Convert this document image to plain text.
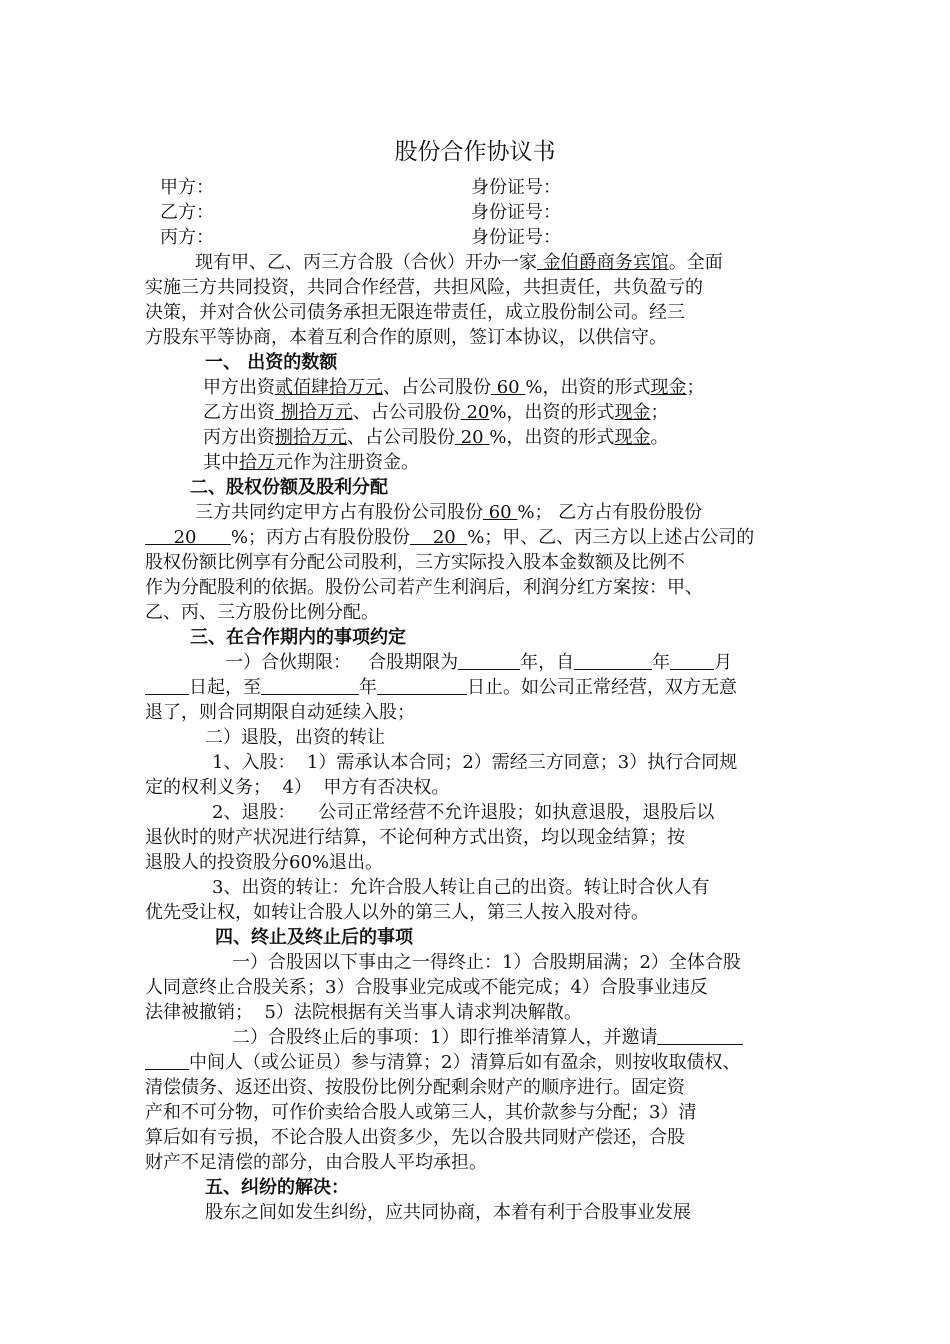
股份合作协议书
甲方：	身份证号：
乙方：	身份证号：
丙方：	身份证号：
现有甲、乙、丙三方合股（合伙）开办一家 金伯爵商务宾馆。全面
实施三方共同投资，共同合作经营，共担风险，共担责任，共负盈亏的
决策，并对合伙公司债务承担无限连带责任，成立股份制公司。经三
方股东平等协商，本着互利合作的原则，签订本协议，以供信守。
一、 出资的数额
甲方出资贰佰肆拾万元、占公司股份 60 %，出资的形式现金；
乙方出资 捌拾万元、占公司股份 20%，出资的形式现金；
丙方出资捌拾万元、占公司股份 20 %，出资的形式现金。
其中拾万元作为注册资金。
二、股权份额及股利分配
三方共同约定甲方占有股份公司股份 60 %； 乙方占有股份股份
20      %；丙方占有股份股份    20  %；甲、乙、丙三方以上述占公司的
股权份额比例享有分配公司股利，三方实际投入股本金数额及比例不
作为分配股利的依据。股份公司若产生利润后，利润分红方案按：甲、
乙、丙、三方股份比例分配。
三、在合作期内的事项约定
一）合伙期限：   合股期限为	年，自	年 月
日起，至	年	日止。如公司正常经营，双方无意
退了，则合同期限自动延续入股；
二）退股，出资的转让
1、入股：  1）需承认本合同；2）需经三方同意；3）执行合同规
定的权利义务；  4）  甲方有否决权。
2、退股：    公司正常经营不允许退股；如执意退股，退股后以
退伙时的财产状况进行结算，不论何种方式出资，均以现金结算；按
退股人的投资股分60%退出。
3、出资的转让：允许合股人转让自己的出资。转让时合伙人有
优先受让权，如转让合股人以外的第三人，第三人按入股对待。
四、终止及终止后的事项
一）合股因以下事由之一得终止：1）合股期届满；2）全体合股
人同意终止合股关系；3）合股事业完成或不能完成；4）合股事业违反
法律被撤销；  5）法院根据有关当事人请求判决解散。
二）合股终止后的事项：1）即行推举清算人，并邀请
中间人（或公证员）参与清算；2）清算后如有盈余，则按收取债权、
清偿债务、返还出资、按股份比例分配剩余财产的顺序进行。固定资
产和不可分物，可作价卖给合股人或第三人，其价款参与分配；3）清
算后如有亏损，不论合股人出资多少，先以合股共同财产偿还，合股
财产不足清偿的部分，由合股人平均承担。
五、纠纷的解决：
股东之间如发生纠纷，应共同协商，本着有利于合股事业发展
